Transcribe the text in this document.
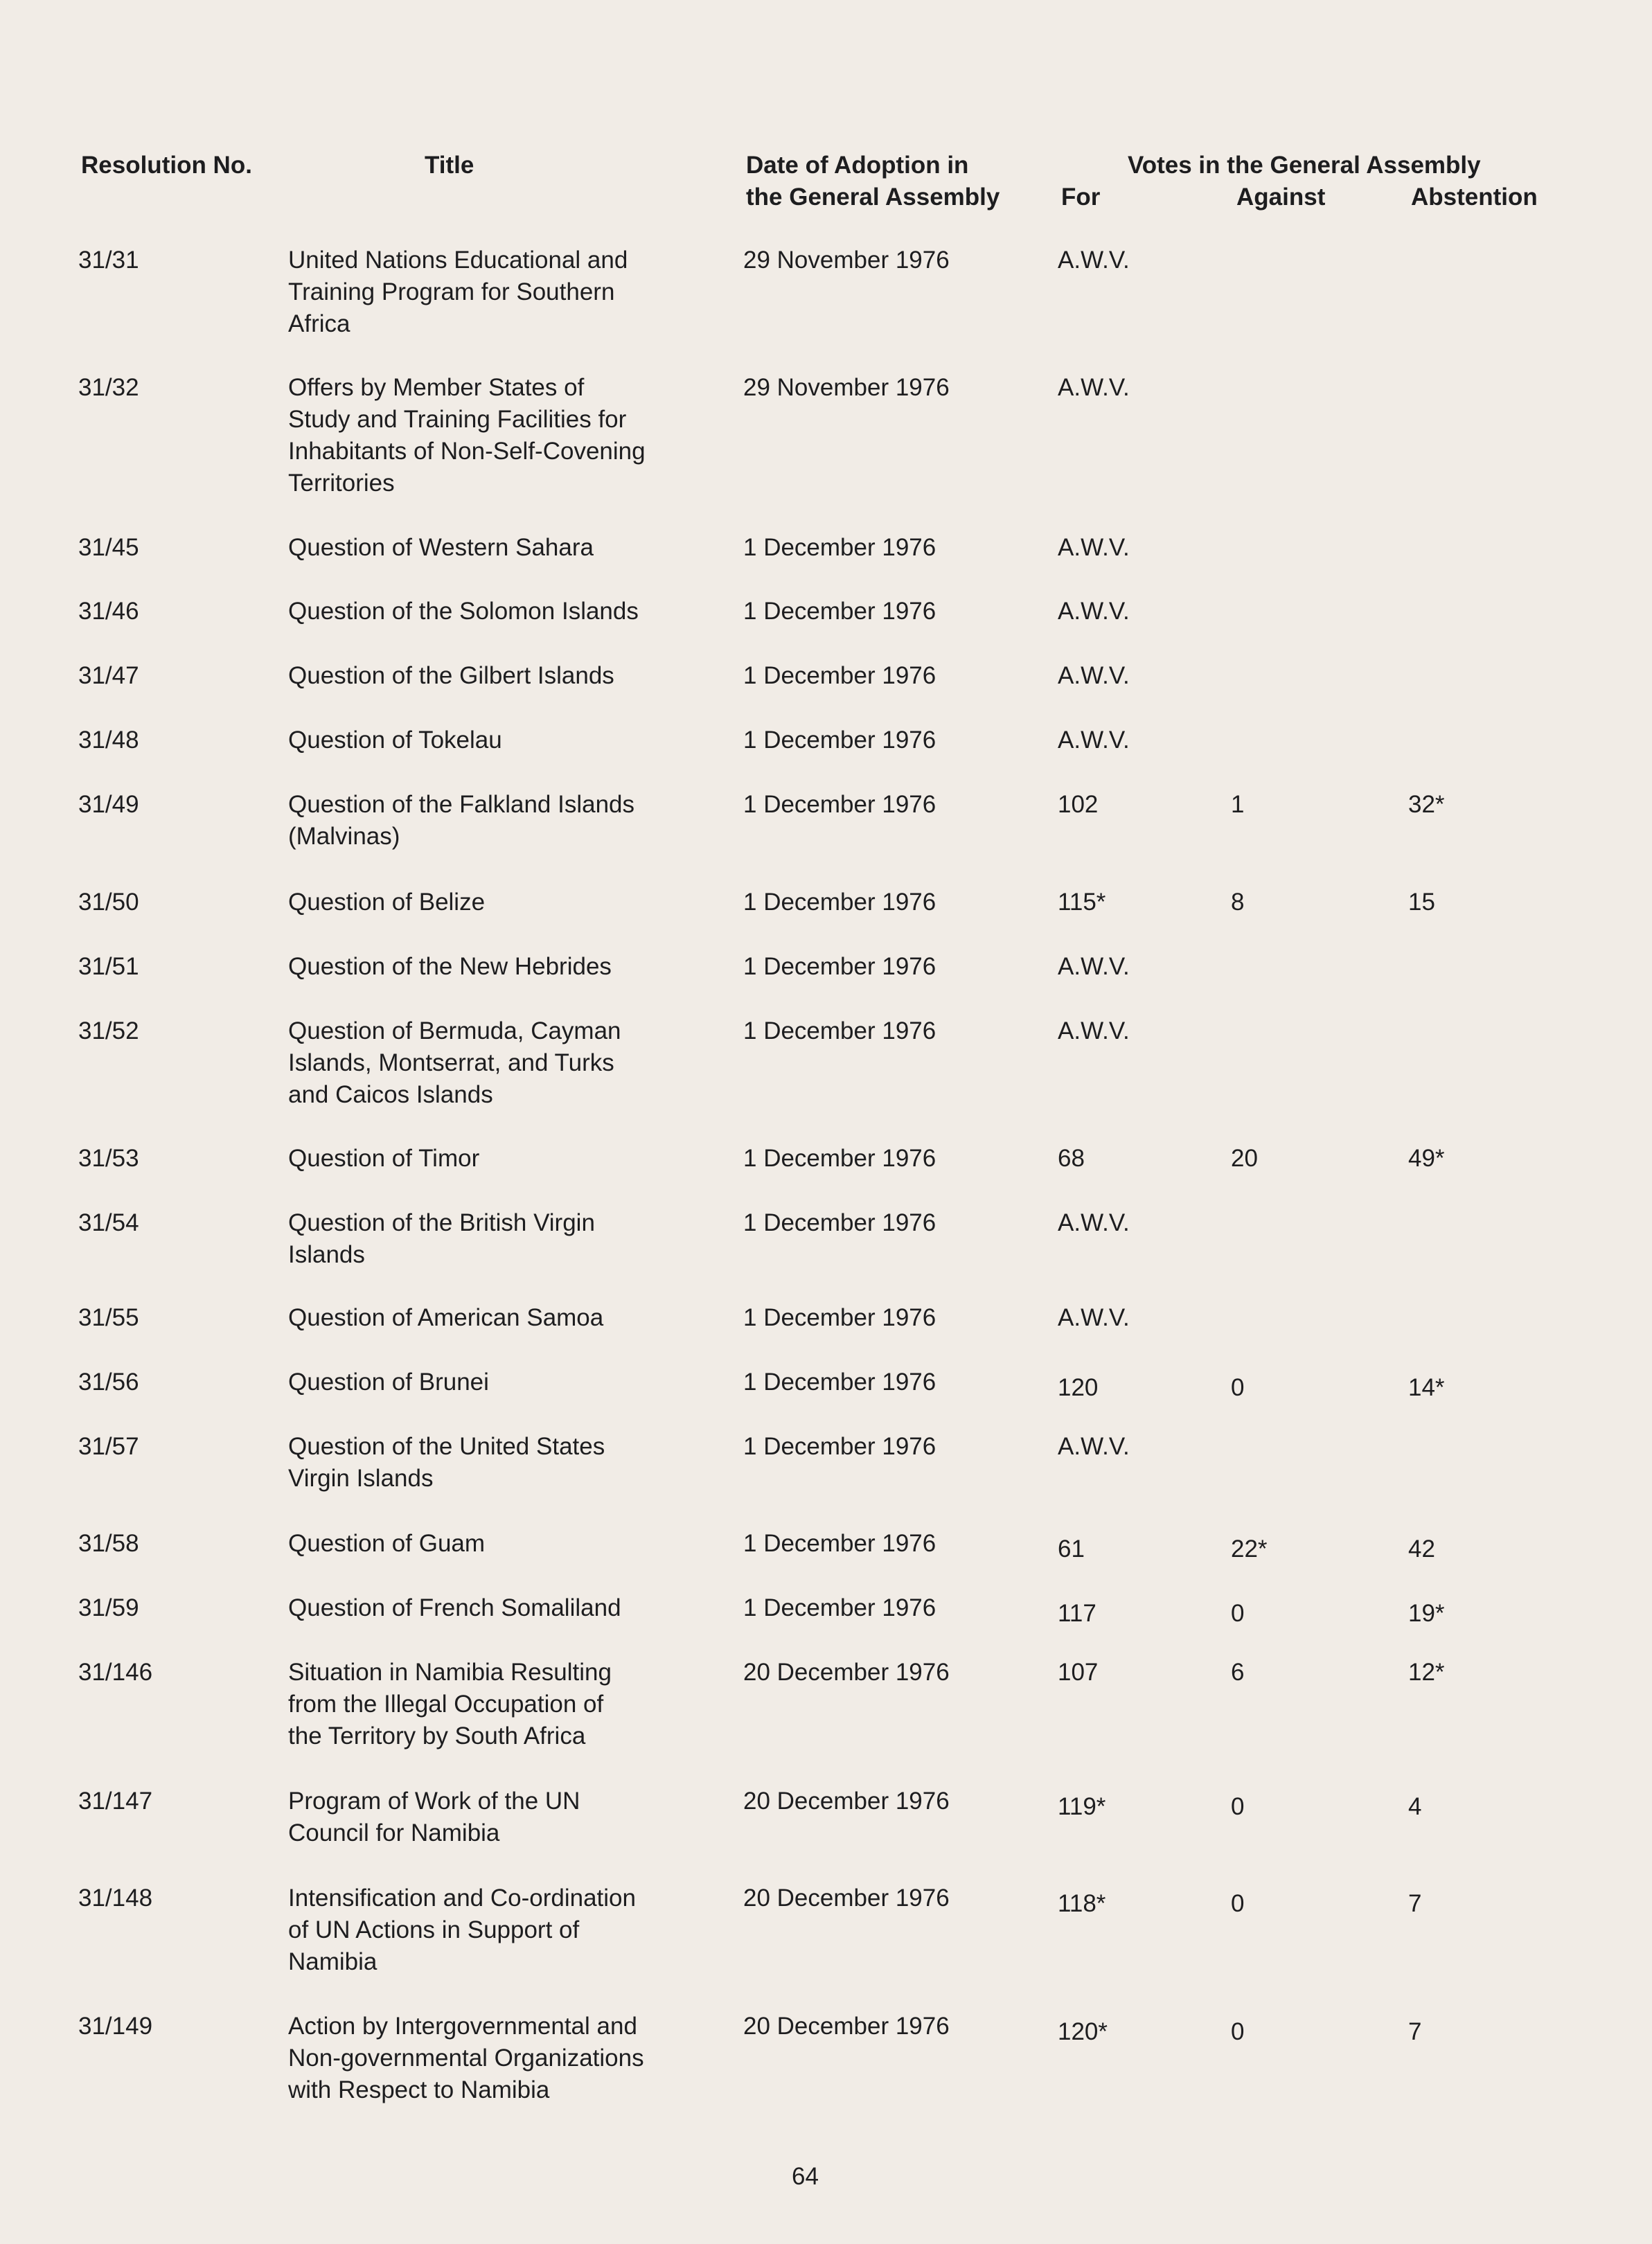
Resolution No.	Title	Date of Adoption in
the General Assembly
Votes in the General Assembly
For	Against	Abstention
31/31	United Nations Educational and
Training Program for Southern
Africa
29 November 1976	A.W.V.
31/32	Offers by Member States of
Study and Training Facilities for
Inhabitants of Non-Self-Covening
Territories
29 November 1976	A.W.V.
31/45	Question of Western Sahara	1 December 1976	A.W.V.
31/46	Question of the Solomon Islands	1 December 1976	A.W.V.
31/47	Question of the Gilbert Islands	1 December 1976	A.W.V.
31/48	Question of Tokelau	1 December 1976	A.W.V.
31/49	Question of the Falkland Islands
(Malvinas)
1 December 1976	102	1	32*
31/50	Question of Belize	1 December 1976	115*	8	15
31/51	Question of the New Hebrides	1 December 1976	A.W.V.
31/52	Question of Bermuda, Cayman
Islands, Montserrat, and Turks
and Caicos Islands
1 December 1976	A.W.V.
31/53	Question of Timor	1 December 1976	68	20	49*
31/54	Question of the British Virgin
Islands
1 December 1976	A.W.V.
31/55	Question of American Samoa	1 December 1976	A.W.V.
31/56	Question of Brunei	1 December 1976	120	0	14*
31/57	Question of the United States
Virgin Islands
1 December 1976	A.W.V.
31/58	Question of Guam	1 December 1976	61	22*	42
31/59	Question of French Somaliland	1 December 1976	117	0	19*
31/146	Situation in Namibia Resulting
from the Illegal Occupation of
the Territory by South Africa
20 December 1976	107	6	12*
31/147	Program of Work of the UN
Council for Namibia
20 December 1976	119*	0	4
31/148	Intensification and Co-ordination
of UN Actions in Support of
Namibia
20 December 1976	118*	0	7
31/149	Action by Intergovernmental and
Non-governmental Organizations
with Respect to Namibia
20 December 1976	120*	0	7
64
